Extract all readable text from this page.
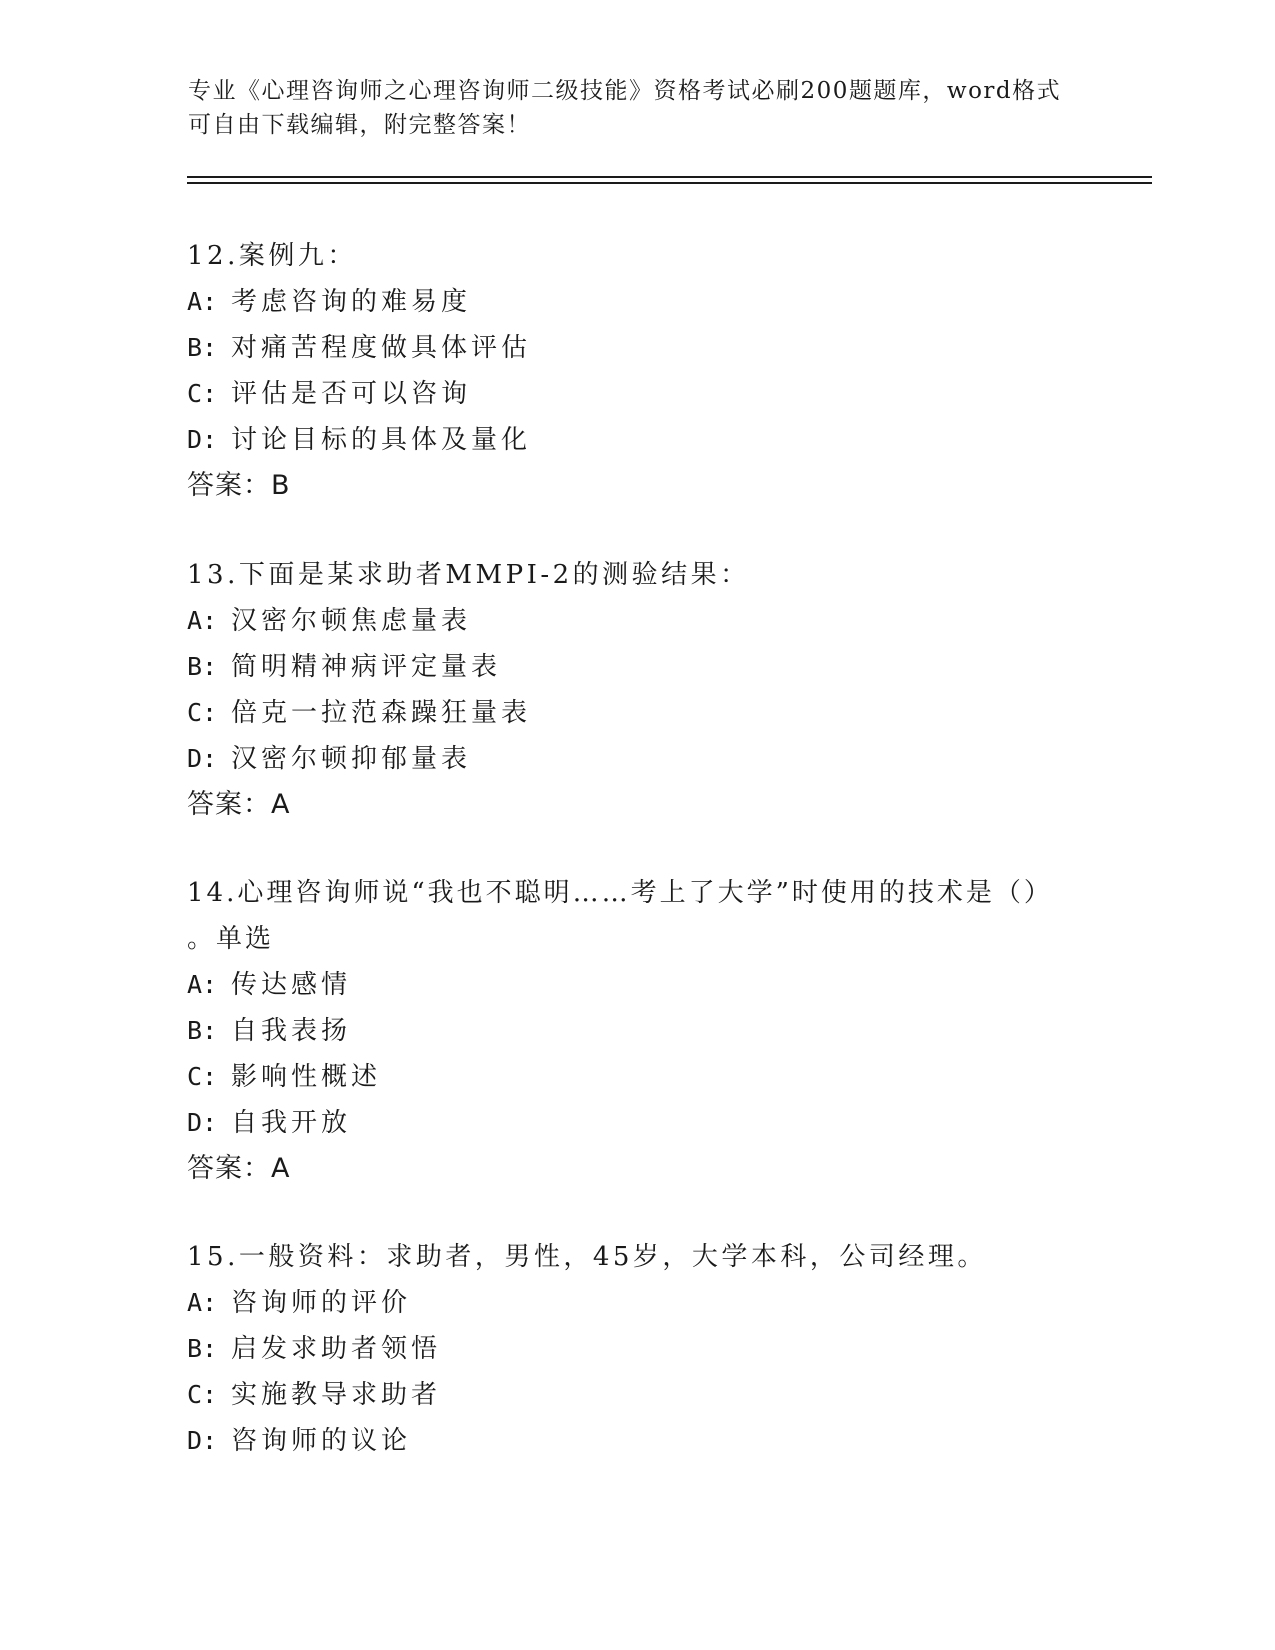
专业《心理咨询师之心理咨询师二级技能》资格考试必刷200题题库，word格式
可自由下载编辑，附完整答案！
12.案例九：
A: 考虑咨询的难易度
B: 对痛苦程度做具体评估
C: 评估是否可以咨询
D: 讨论目标的具体及量化
答案：B
13.下面是某求助者MMPI-2的测验结果：
A: 汉密尔顿焦虑量表
B: 简明精神病评定量表
C: 倍克一拉范森躁狂量表
D: 汉密尔顿抑郁量表
答案：A
14.心理咨询师说“我也不聪明……考上了大学”时使用的技术是（）
。单选
A: 传达感情
B: 自我表扬
C: 影响性概述
D: 自我开放
答案：A
15.一般资料：求助者，男性，45岁，大学本科，公司经理。
A: 咨询师的评价
B: 启发求助者领悟
C: 实施教导求助者
D: 咨询师的议论
